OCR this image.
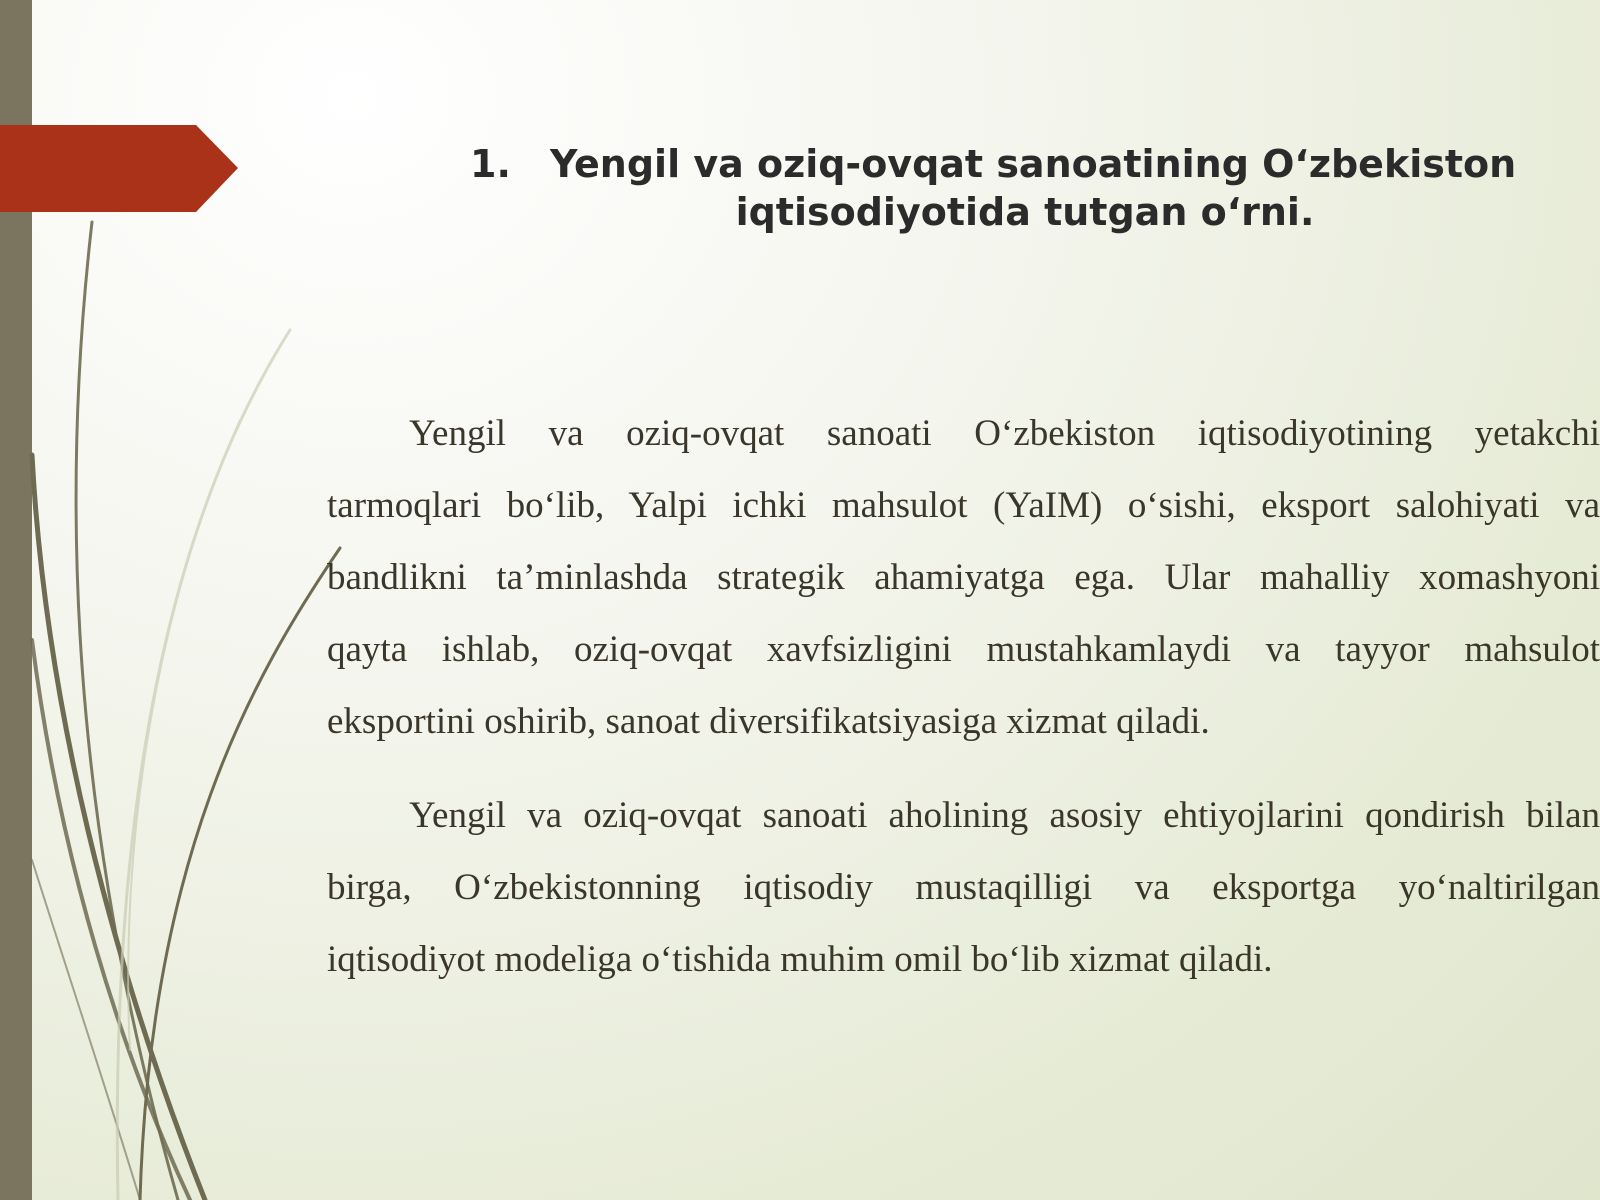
1.	Yengil va oziq-ovqat sanoatining O‘zbekiston
iqtisodiyotida tutgan o‘rni.
Yengil va oziq-ovqat sanoati O‘zbekiston iqtisodiyotining yetakchi
tarmoqlari bo‘lib, Yalpi ichki mahsulot (YaIM) o‘sishi, eksport salohiyati va
bandlikni ta’minlashda strategik ahamiyatga ega. Ular mahalliy xomashyoni
qayta ishlab, oziq-ovqat xavfsizligini mustahkamlaydi va tayyor mahsulot
eksportini oshirib, sanoat diversifikatsiyasiga xizmat qiladi.
Yengil va oziq-ovqat sanoati aholining asosiy ehtiyojlarini qondirish bilan
birga, O‘zbekistonning iqtisodiy mustaqilligi va eksportga yo‘naltirilgan
iqtisodiyot modeliga o‘tishida muhim omil bo‘lib xizmat qiladi.
